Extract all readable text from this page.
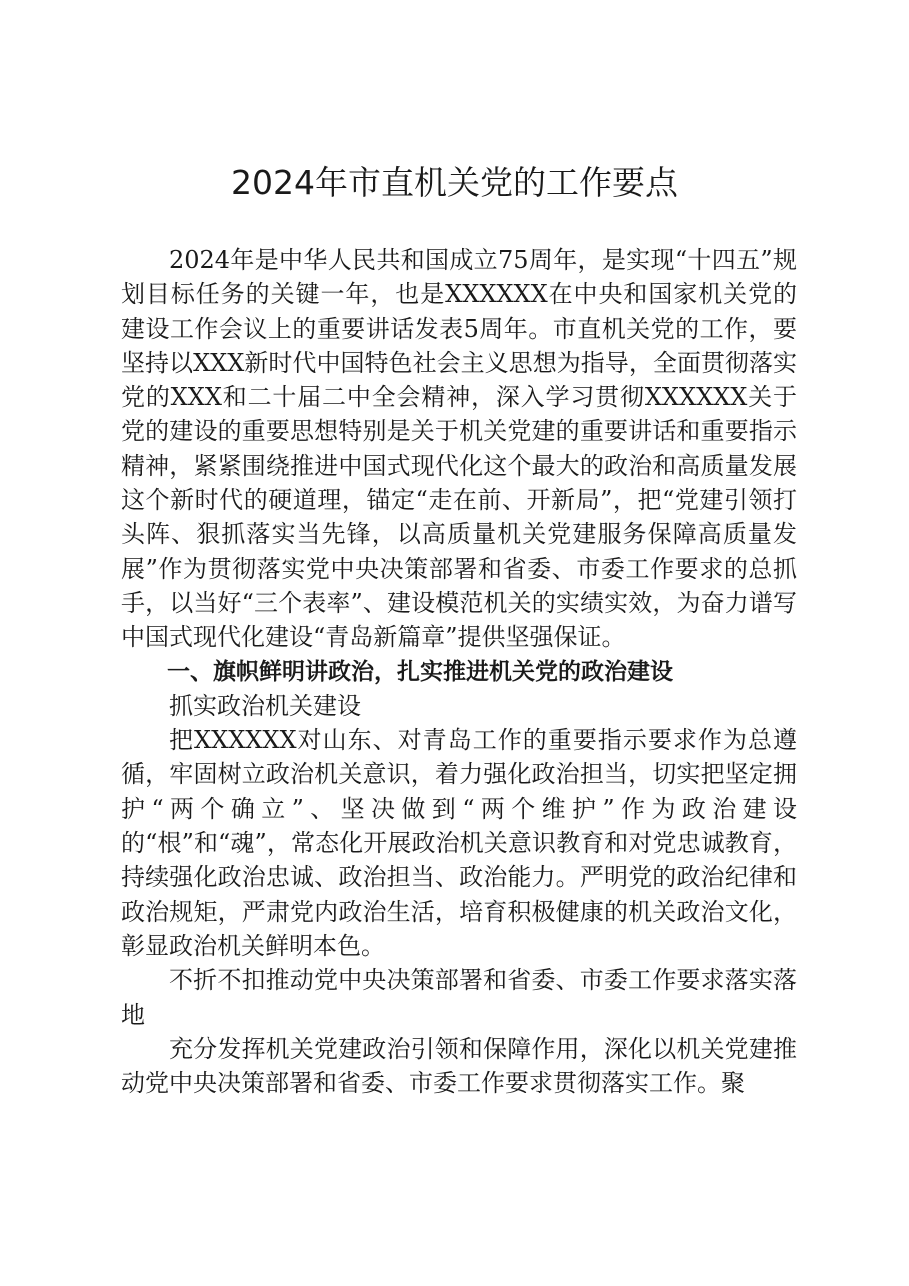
2024年市直机关党的工作要点

2024年是中华人民共和国成立75周年，是实现“十四五”规划目标任务的关键一年，也是XXXXXX在中央和国家机关党的建设工作会议上的重要讲话发表5周年。市直机关党的工作，要坚持以XXX新时代中国特色社会主义思想为指导，全面贯彻落实党的XXX和二十届二中全会精神，深入学习贯彻XXXXXX关于党的建设的重要思想特别是关于机关党建的重要讲话和重要指示精神，紧紧围绕推进中国式现代化这个最大的政治和高质量发展这个新时代的硬道理，锚定“走在前、开新局”，把“党建引领打头阵、狠抓落实当先锋，以高质量机关党建服务保障高质量发展”作为贯彻落实党中央决策部署和省委、市委工作要求的总抓手，以当好“三个表率”、建设模范机关的实绩实效，为奋力谱写中国式现代化建设“青岛新篇章”提供坚强保证。

一、旗帜鲜明讲政治，扎实推进机关党的政治建设

抓实政治机关建设

把XXXXXX对山东、对青岛工作的重要指示要求作为总遵循，牢固树立政治机关意识，着力强化政治担当，切实把坚定拥护“两个确立”、坚决做到“两个维护”作为政治建设的“根”和“魂”，常态化开展政治机关意识教育和对党忠诚教育，持续强化政治忠诚、政治担当、政治能力。严明党的政治纪律和政治规矩，严肃党内政治生活，培育积极健康的机关政治文化，彰显政治机关鲜明本色。

不折不扣推动党中央决策部署和省委、市委工作要求落实落地

充分发挥机关党建政治引领和保障作用，深化以机关党建推动党中央决策部署和省委、市委工作要求贯彻落实工作。聚
